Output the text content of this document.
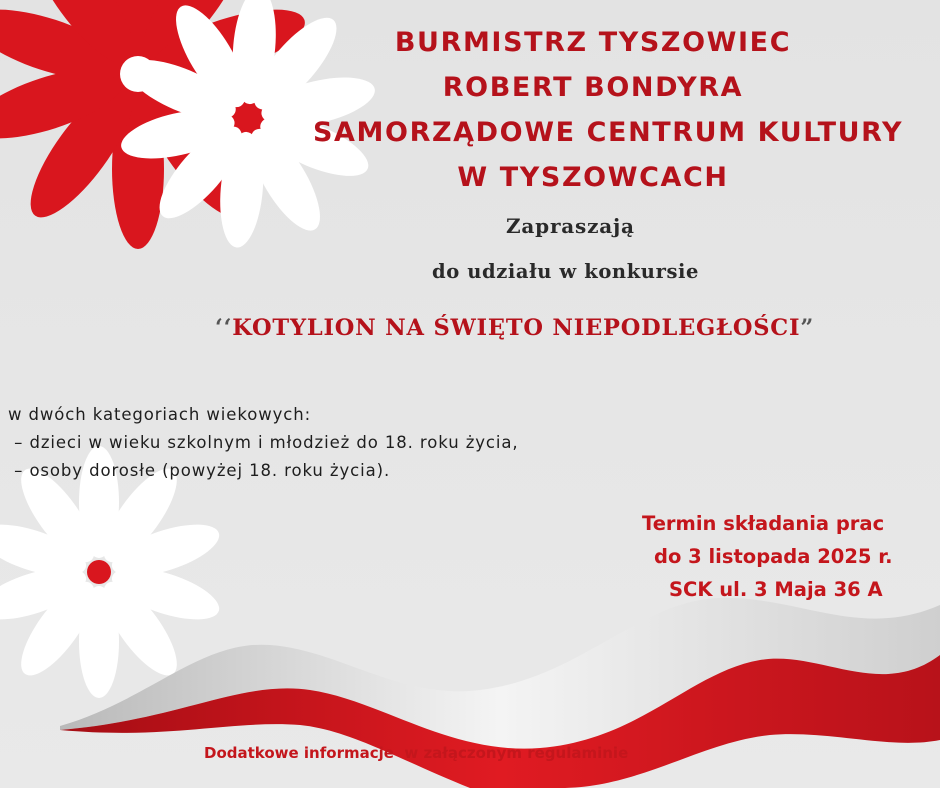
BURMISTRZ TYSZOWIEC
ROBERT BONDYRA
SAMORZĄDOWE CENTRUM KULTURY
W TYSZOWCACH
Zapraszają
do udziału w konkursie
‘‘KOTYLION NA ŚWIĘTO NIEPODLEGŁOŚCI”
w dwóch kategoriach wiekowych:
– dzieci w wieku szkolnym i młodzież do 18. roku życia,
– osoby dorosłe (powyżej 18. roku życia).
Termin składania prac
do 3 listopada 2025 r.
SCK ul. 3 Maja 36 A
Dodatkowe informacje  w załączonym regulaminie
